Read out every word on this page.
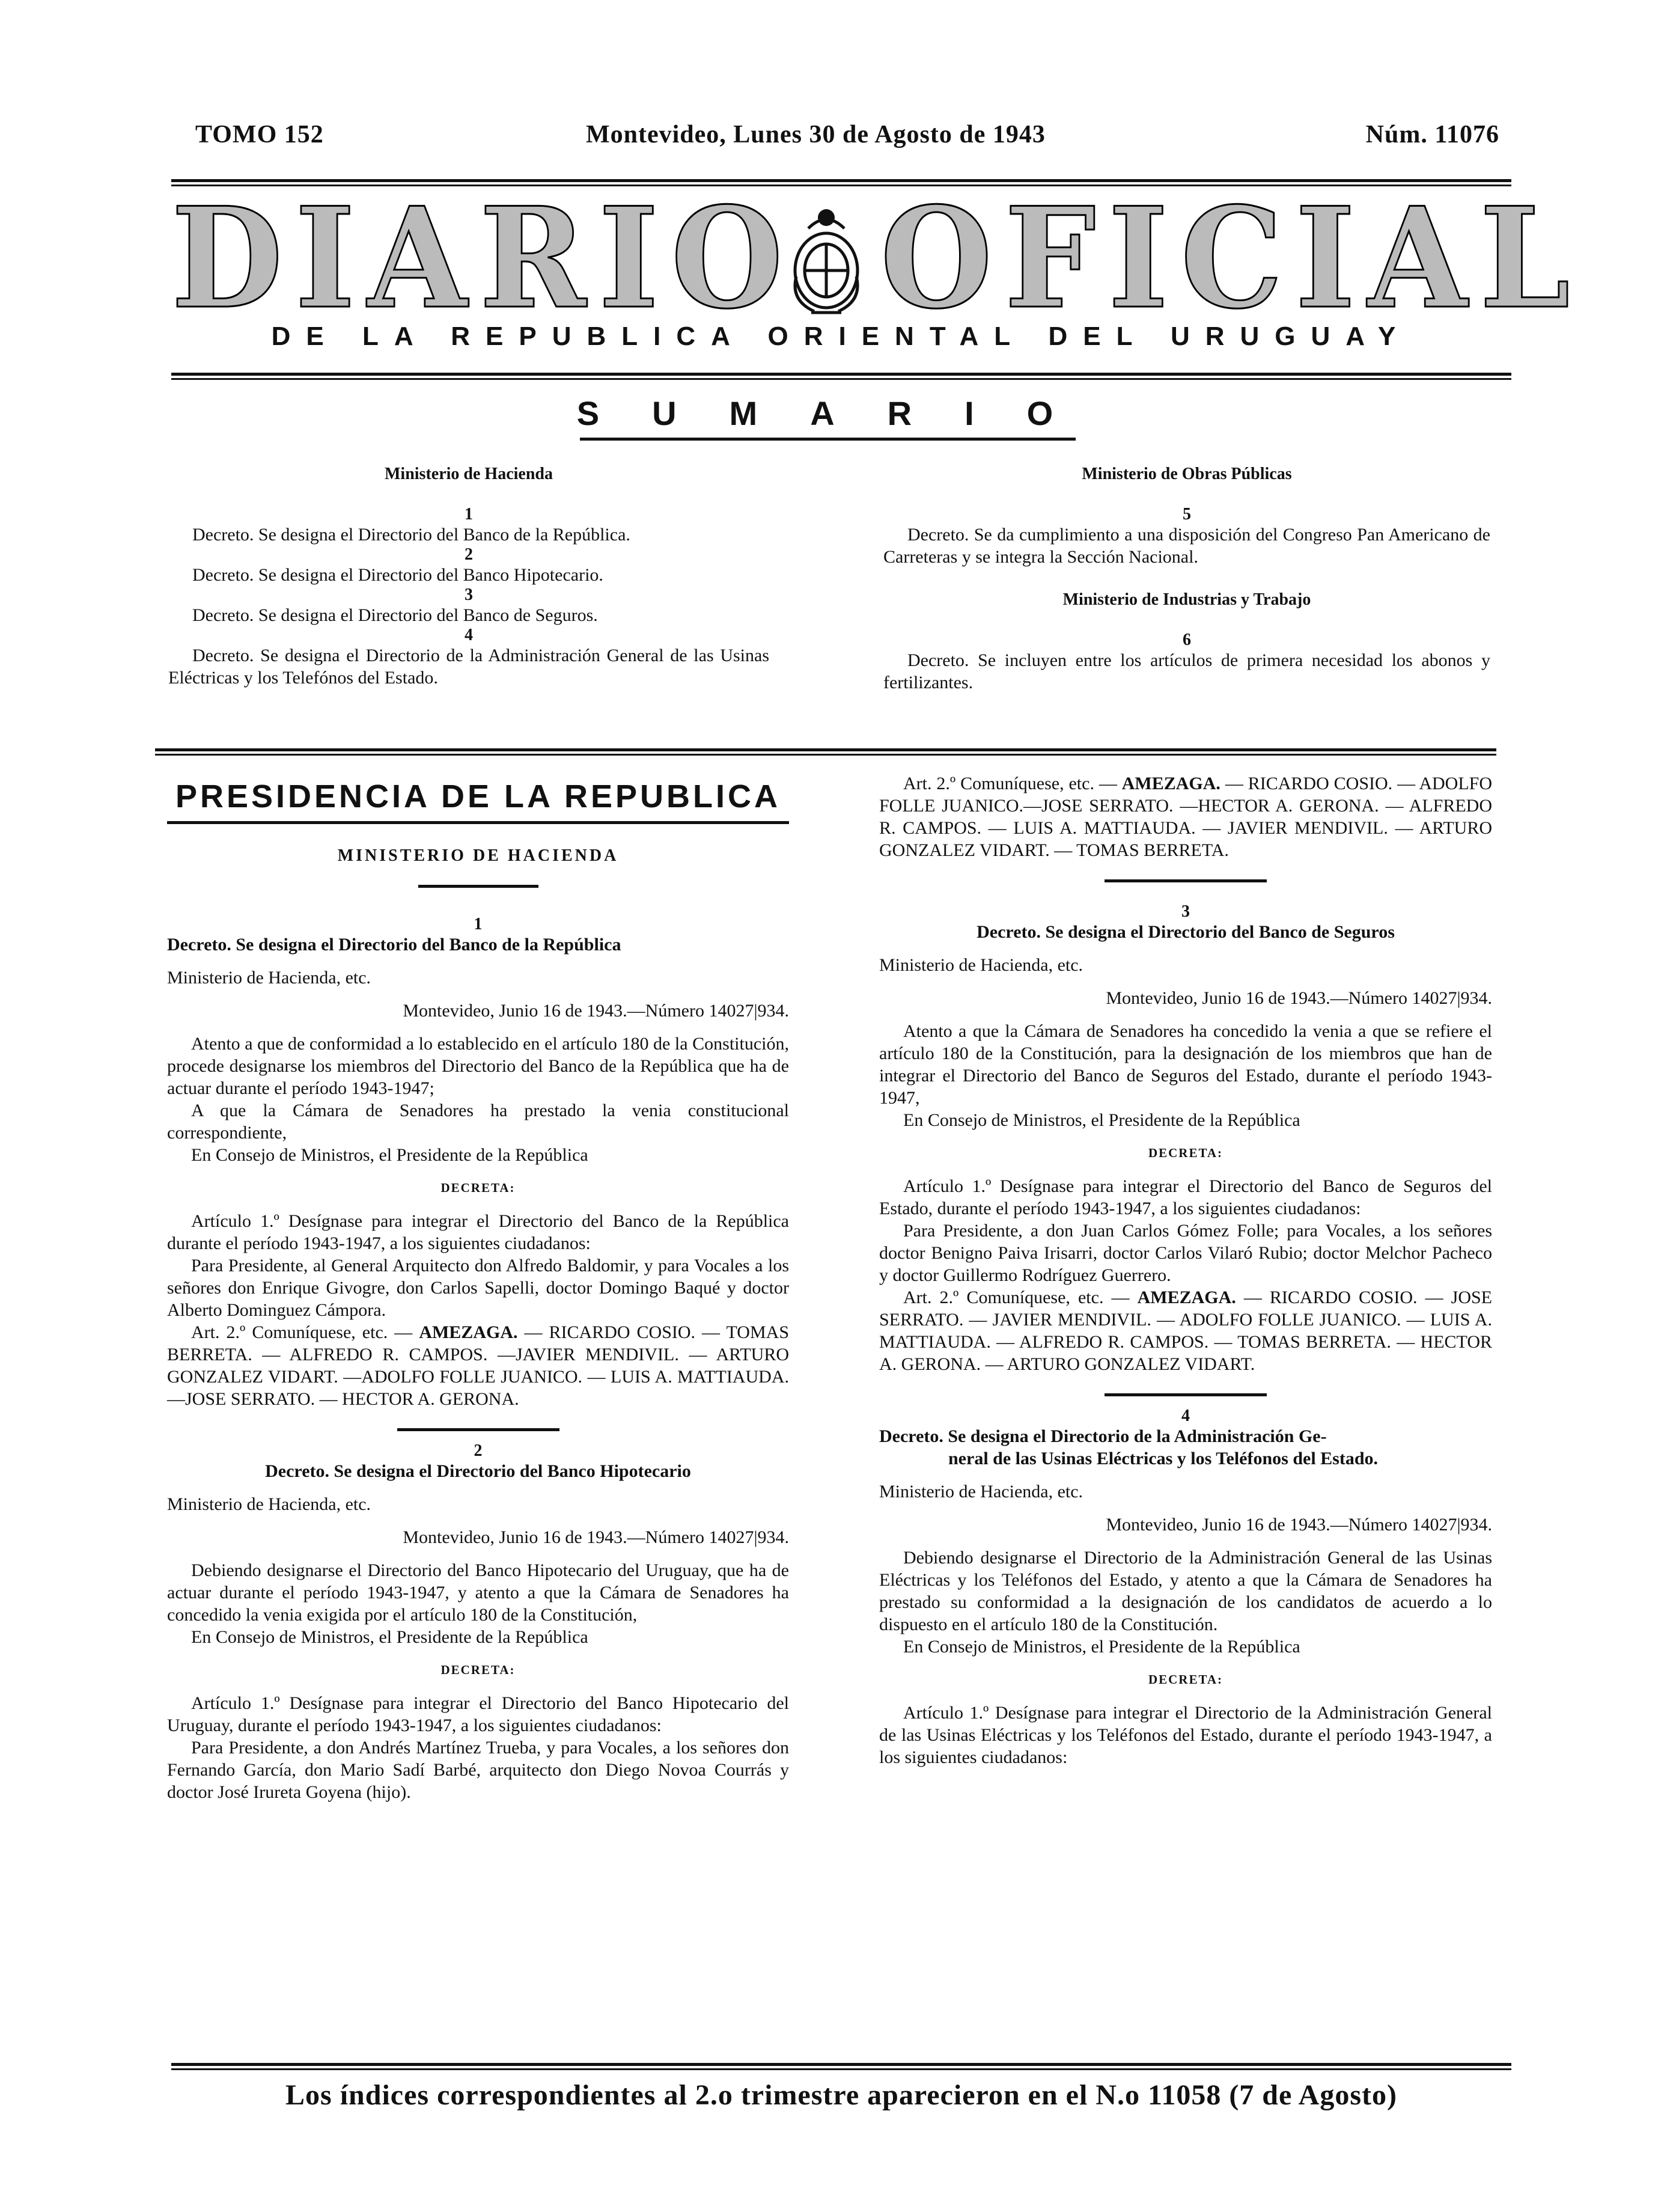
TOMO 152	Montevideo, Lunes 30 de Agosto de 1943	Núm. 11076
DIARIO OFICIAL
DE LA REPUBLICA ORIENTAL DEL URUGUAY
SUMARIO

Ministerio de Hacienda

1

Decreto. Se designa el Directorio del Banco de la República.

2

Decreto. Se designa el Directorio del Banco Hipotecario.

3

Decreto. Se designa el Directorio del Banco de Seguros.

4

Decreto. Se designa el Directorio de la Administración General de las Usinas Eléctricas y los Telefónos del Estado.

Ministerio de Obras Públicas

5

Decreto. Se da cumplimiento a una disposición del Congreso Pan Americano de Carreteras y se integra la Sección Nacional.

Ministerio de Industrias y Trabajo

6

Decreto. Se incluyen entre los artículos de primera necesidad los abonos y fertilizantes.

PRESIDENCIA DE LA REPUBLICA

MINISTERIO DE HACIENDA

1

Decreto. Se designa el Directorio del Banco de la República

Ministerio de Hacienda, etc.

Montevideo, Junio 16 de 1943.—Número 14027|934.

Atento a que de conformidad a lo establecido en el artículo 180 de la Constitución, procede designarse los miembros del Directorio del Banco de la República que ha de actuar durante el período 1943-1947;

A que la Cámara de Senadores ha prestado la venia constitucional correspondiente,

En Consejo de Ministros, el Presidente de la República

DECRETA:

Artículo 1.º Desígnase para integrar el Directorio del Banco de la República durante el período 1943-1947, a los siguientes ciudadanos:

Para Presidente, al General Arquitecto don Alfredo Baldomir, y para Vocales a los señores don Enrique Givogre, don Carlos Sapelli, doctor Domingo Baqué y doctor Alberto Dominguez Cámpora.

Art. 2.º Comuníquese, etc. — AMEZAGA. — RICARDO COSIO. — TOMAS BERRETA. — ALFREDO R. CAMPOS. —JAVIER MENDIVIL. — ARTURO GONZALEZ VIDART. —ADOLFO FOLLE JUANICO. — LUIS A. MATTIAUDA. —JOSE SERRATO. — HECTOR A. GERONA.

2

Decreto. Se designa el Directorio del Banco Hipotecario

Ministerio de Hacienda, etc.

Montevideo, Junio 16 de 1943.—Número 14027|934.

Debiendo designarse el Directorio del Banco Hipotecario del Uruguay, que ha de actuar durante el período 1943-1947, y atento a que la Cámara de Senadores ha concedido la venia exigida por el artículo 180 de la Constitución,

En Consejo de Ministros, el Presidente de la República

DECRETA:

Artículo 1.º Desígnase para integrar el Directorio del Banco Hipotecario del Uruguay, durante el período 1943-1947, a los siguientes ciudadanos:

Para Presidente, a don Andrés Martínez Trueba, y para Vocales, a los señores don Fernando García, don Mario Sadí Barbé, arquitecto don Diego Novoa Courrás y doctor José Irureta Goyena (hijo).

Art. 2.º Comuníquese, etc. — AMEZAGA. — RICARDO COSIO. — ADOLFO FOLLE JUANICO.—JOSE SERRATO. —HECTOR A. GERONA. — ALFREDO R. CAMPOS. — LUIS A. MATTIAUDA. — JAVIER MENDIVIL. — ARTURO GONZALEZ VIDART. — TOMAS BERRETA.

3

Decreto. Se designa el Directorio del Banco de Seguros

Ministerio de Hacienda, etc.

Montevideo, Junio 16 de 1943.—Número 14027|934.

Atento a que la Cámara de Senadores ha concedido la venia a que se refiere el artículo 180 de la Constitución, para la designación de los miembros que han de integrar el Directorio del Banco de Seguros del Estado, durante el período 1943-1947,

En Consejo de Ministros, el Presidente de la República

DECRETA:

Artículo 1.º Desígnase para integrar el Directorio del Banco de Seguros del Estado, durante el período 1943-1947, a los siguientes ciudadanos:

Para Presidente, a don Juan Carlos Gómez Folle; para Vocales, a los señores doctor Benigno Paiva Irisarri, doctor Carlos Vilaró Rubio; doctor Melchor Pacheco y doctor Guillermo Rodríguez Guerrero.

Art. 2.º Comuníquese, etc. — AMEZAGA. — RICARDO COSIO. — JOSE SERRATO. — JAVIER MENDIVIL. — ADOLFO FOLLE JUANICO. — LUIS A. MATTIAUDA. — ALFREDO R. CAMPOS. — TOMAS BERRETA. — HECTOR A. GERONA. — ARTURO GONZALEZ VIDART.

4

Decreto. Se designa el Directorio de la Administración Ge-
neral de las Usinas Eléctricas y los Teléfonos del Estado.

Ministerio de Hacienda, etc.

Montevideo, Junio 16 de 1943.—Número 14027|934.

Debiendo designarse el Directorio de la Administración General de las Usinas Eléctricas y los Teléfonos del Estado, y atento a que la Cámara de Senadores ha prestado su conformidad a la designación de los candidatos de acuerdo a lo dispuesto en el artículo 180 de la Constitución.

En Consejo de Ministros, el Presidente de la República

DECRETA:

Artículo 1.º Desígnase para integrar el Directorio de la Administración General de las Usinas Eléctricas y los Teléfonos del Estado, durante el período 1943-1947, a los siguientes ciudadanos:

Los índices correspondientes al 2.o trimestre aparecieron en el N.o 11058 (7 de Agosto)
